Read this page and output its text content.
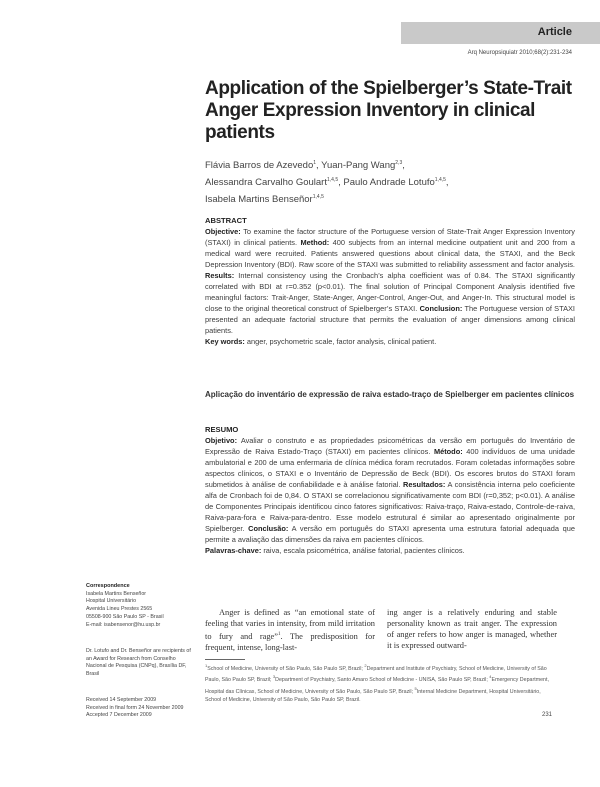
Article
Arq Neuropsiquiatr 2010;68(2):231-234
Application of the Spielberger’s State-Trait Anger Expression Inventory in clinical patients
Flávia Barros de Azevedo$^1$, Yuan-Pang Wang$^{2,3}$,
Alessandra Carvalho Goulart$^{1,4,5}$, Paulo Andrade Lotufo$^{1,4,5}$,
Isabela Martins Benseñor$^{1,4,5}$
ABSTRACT
Objective: To examine the factor structure of the Portuguese version of State-Trait Anger Expression Inventory (STAXI) in clinical patients. Method: 400 subjects from an internal medicine outpatient unit and 200 from a medical ward were recruited. Patients answered questions about clinical data, the STAXI, and the Beck Depression Inventory (BDI). Raw score of the STAXI was submitted to reliability assessment and factor analysis. Results: Internal consistency using the Cronbach’s alpha coefficient was of 0.84. The STAXI significantly correlated with BDI at r=0.352 (p<0.01). The final solution of Principal Component Analysis identified five meaningful factors: Trait-Anger, State-Anger, Anger-Control, Anger-Out, and Anger-In. This structural model is close to the original theoretical construct of Spielberger’s STAXI. Conclusion: The Portuguese version of STAXI presented an adequate factorial structure that permits the evaluation of anger dimensions among clinical patients.
Key words: anger, psychometric scale, factor analysis, clinical patient.
Aplicação do inventário de expressão de raiva estado-traço de Spielberger em pacientes clínicos
RESUMO
Objetivo: Avaliar o construto e as propriedades psicométricas da versão em português do Inventário de Expressão de Raiva Estado-Traço (STAXI) em pacientes clínicos. Método: 400 indivíduos de uma unidade ambulatorial e 200 de uma enfermaria de clínica médica foram recrutados. Foram coletadas informações sobre aspectos clínicos, o STAXI e o Inventário de Depressão de Beck (BDI). Os escores brutos do STAXI foram submetidos à análise de confiabilidade e à análise fatorial. Resultados: A consistência interna pelo coeficiente alfa de Cronbach foi de 0,84. O STAXI se correlacionou significativamente com BDI (r=0,352; p<0.01). A análise de Componentes Principais identificou cinco fatores significativos: Raiva-traço, Raiva-estado, Controle-de-raiva, Raiva-para-fora e Raiva-para-dentro. Esse modelo estrutural é similar ao apresentado originalmente por Spielberger. Conclusão: A versão em português do STAXI apresenta uma estrutura fatorial adequada que permite a avaliação das dimensões da raiva em pacientes clínicos.
Palavras-chave: raiva, escala psicométrica, análise fatorial, pacientes clínicos.
Correspondence
Isabela Martins Benseñor
Hospital Universitário
Avenida Lineu Prestes 2565
05508-900 São Paulo SP - Brasil
E-mail: isabensenor@hu.usp.br
Dr. Lotufo and Dr. Benseñor are recipients of an Award for Research from Conselho Nacional de Pesquisa (CNPq), Brasília DF, Brasil
Received 14 September 2009
Received in final form 24 November 2009
Accepted 7 December 2009

Anger is defined as “an emotional state of feeling that varies in intensity, from mild irritation to fury and rage”$^1$. The predisposition for frequent, intense, long-last-

ing anger is a relatively enduring and stable personality known as trait anger. The expression of anger refers to how anger is managed, whether it is expressed outward-

$^1$School of Medicine, University of São Paulo, São Paulo SP, Brazil; $^2$Department and Institute of Psychiatry, School of Medicine, University of São Paulo, São Paulo SP, Brazil; $^3$Department of Psychiatry, Santo Amaro School of Medicine - UNISA, São Paulo SP, Brazil; $^4$Emergency Department, Hospital das Clínicas, School of Medicine, University of São Paulo, São Paulo SP, Brazil; $^5$Internal Medicine Department, Hospital Universitário, School of Medicine, University of São Paulo, São Paulo SP, Brazil.
231
